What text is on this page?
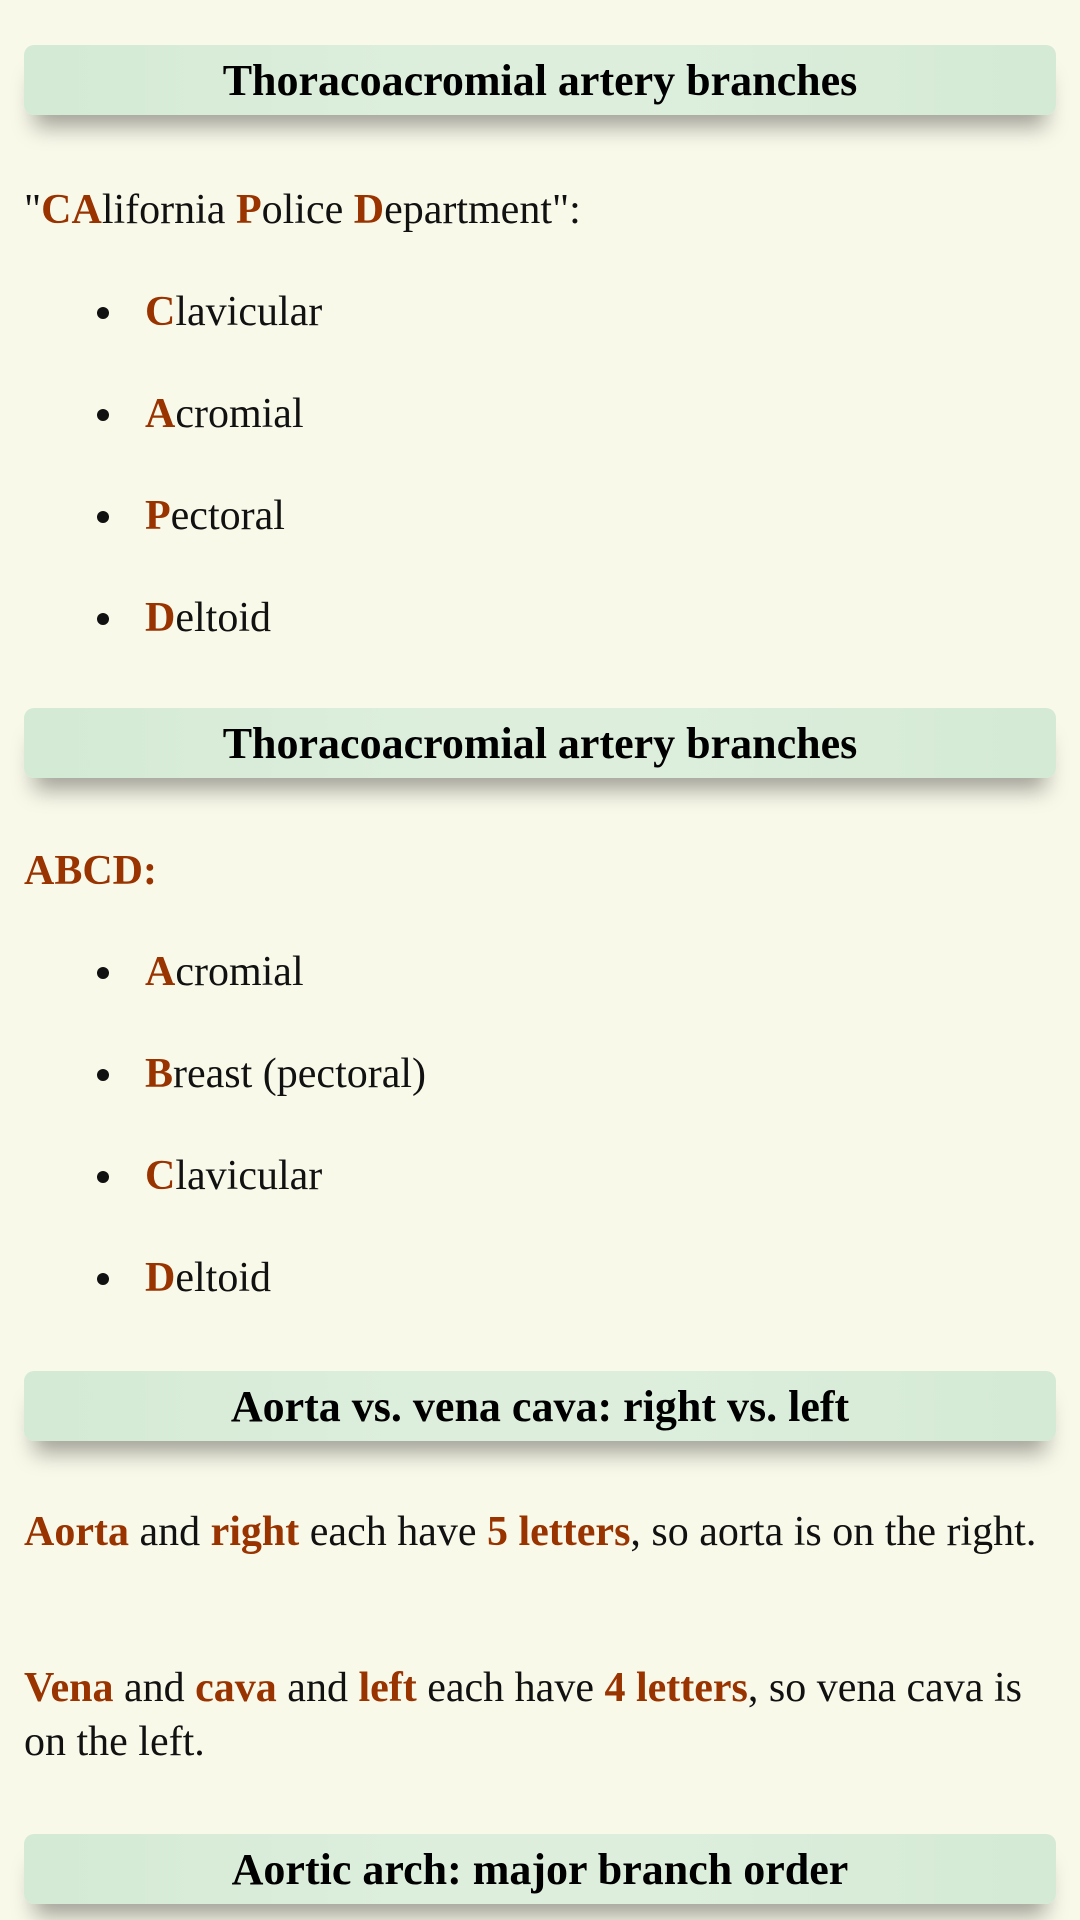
Thoracoacromial artery branches

"CAlifornia Police Department":

Clavicular
Acromial
Pectoral
Deltoid
Thoracoacromial artery branches

ABCD:

Acromial
Breast (pectoral)
Clavicular
Deltoid
Aorta vs. vena cava: right vs. left

Aorta and right each have 5 letters, so aorta is on the right.

Vena and cava and left each have 4 letters, so vena cava is on the left.

Aortic arch: major branch order
